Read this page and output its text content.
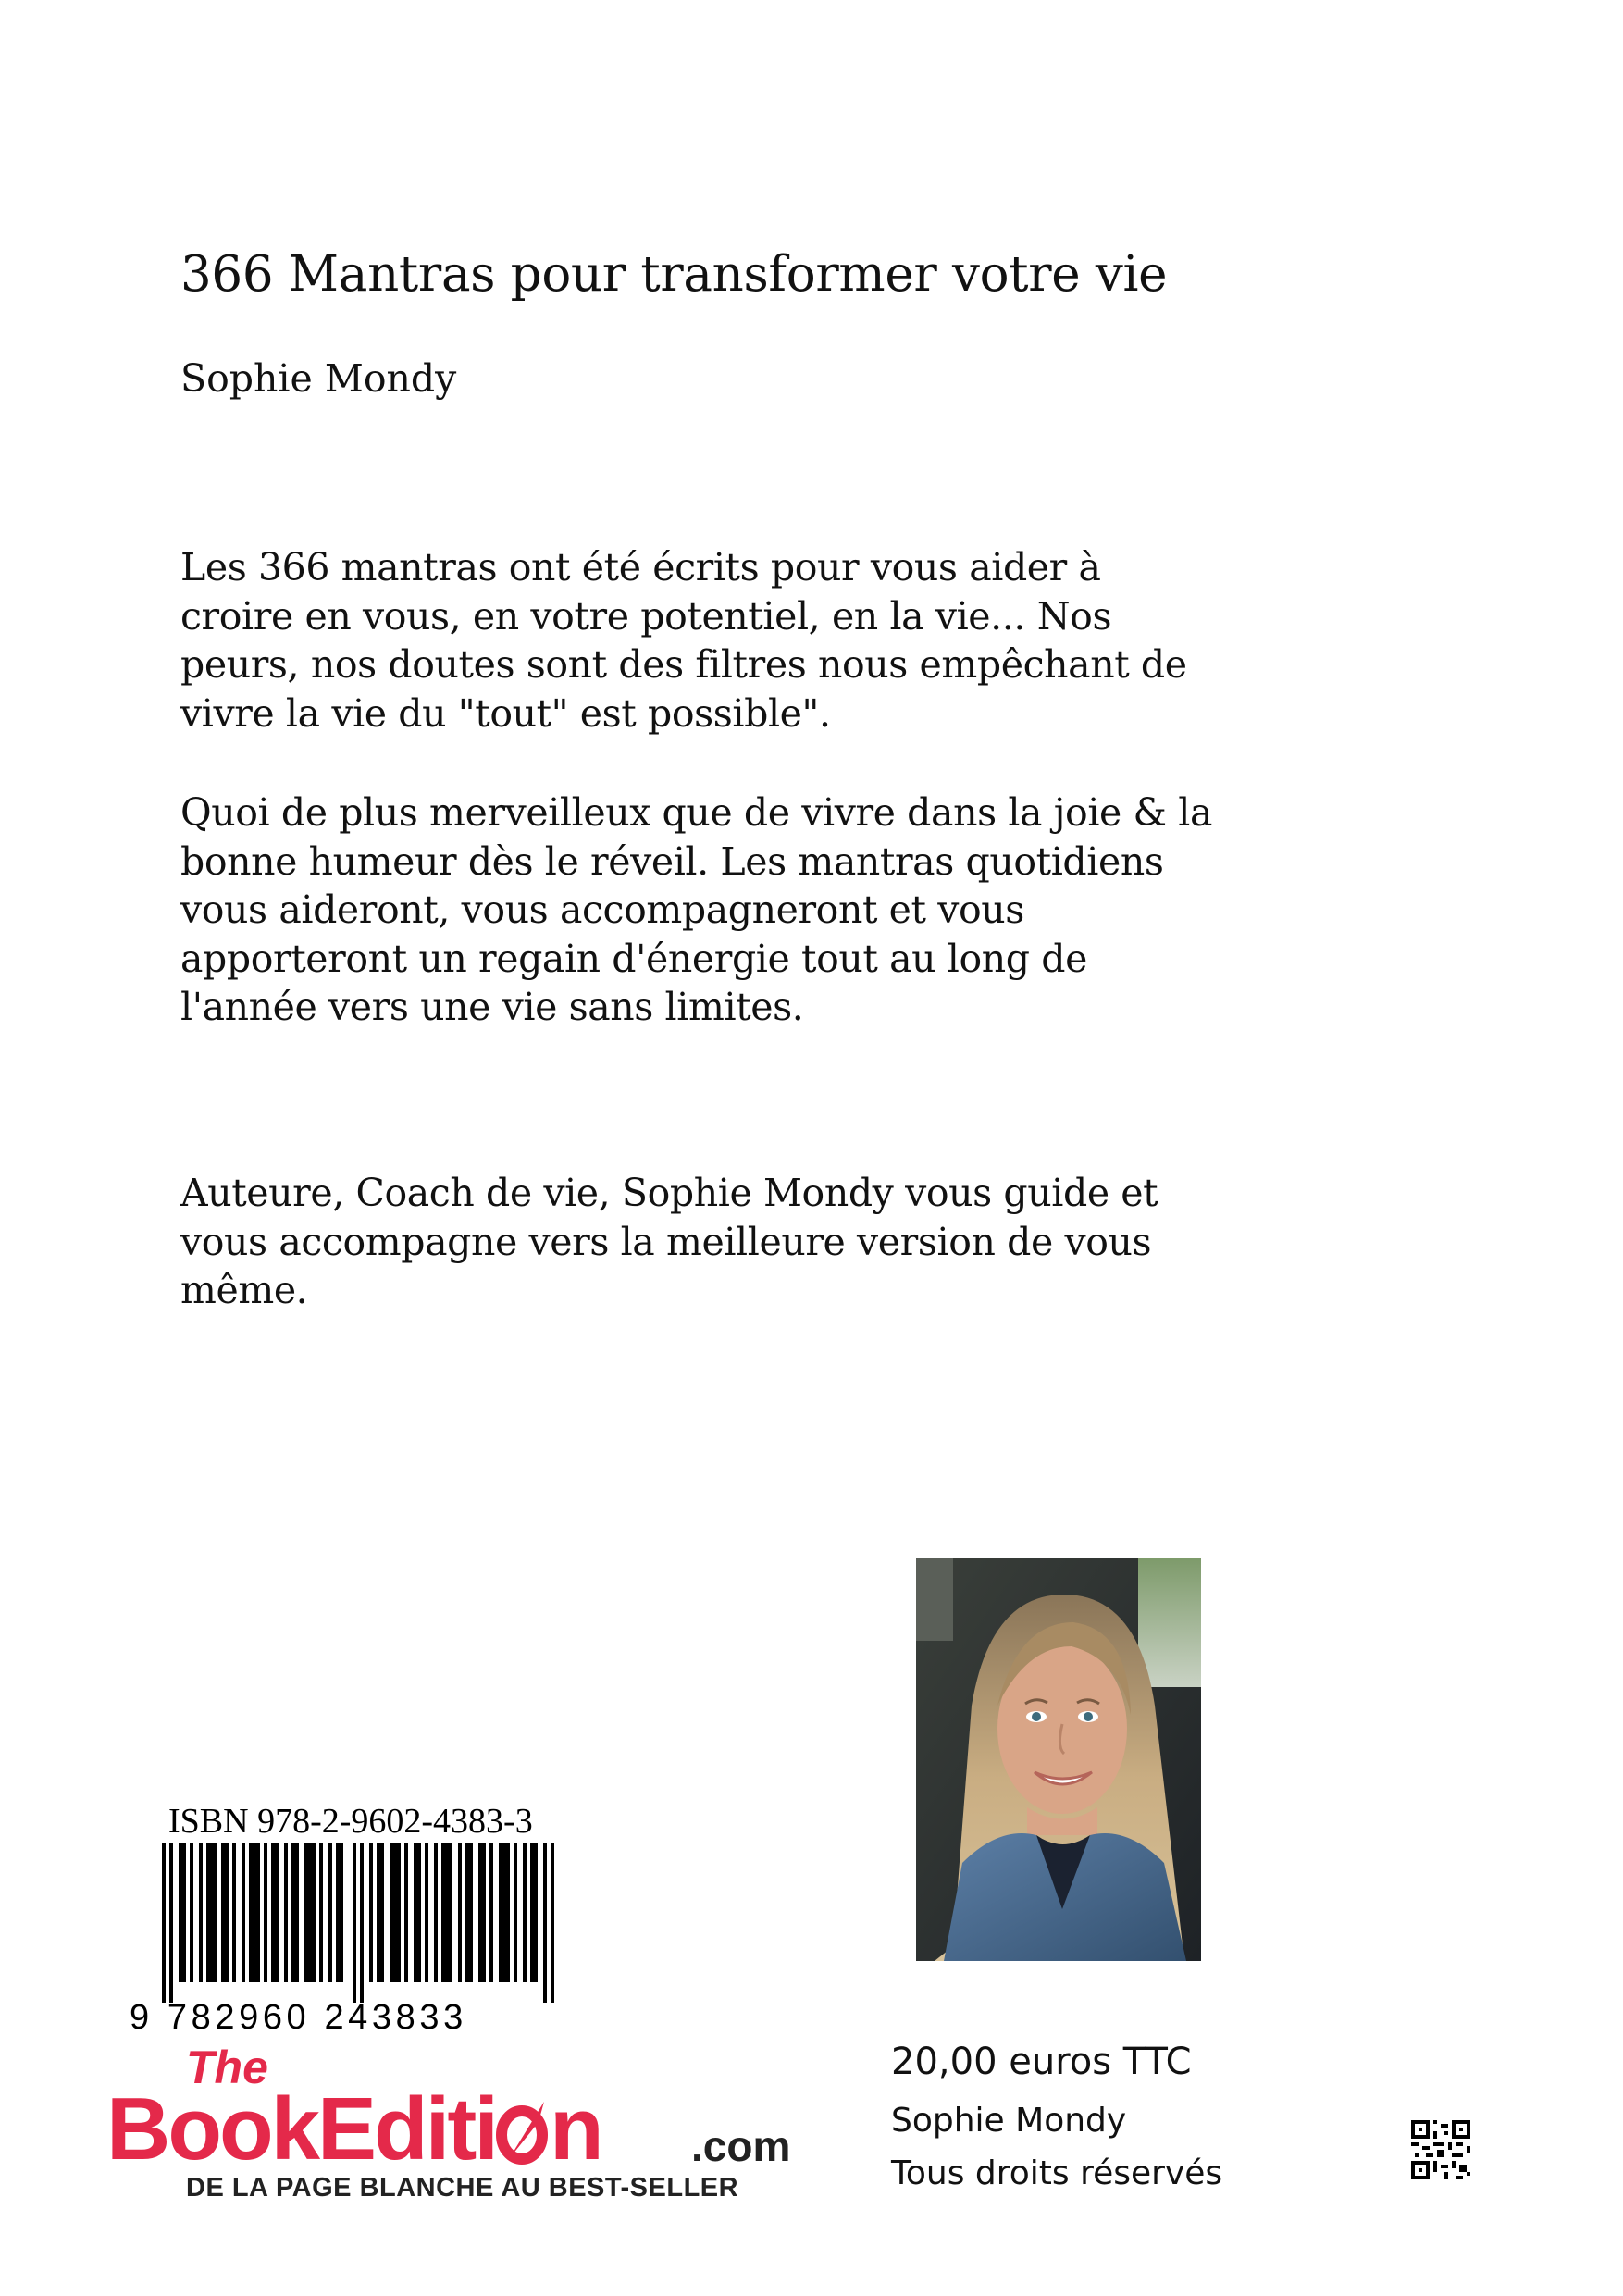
366 Mantras pour transformer votre vie
Sophie Mondy
Les 366 mantras ont été écrits pour vous aider à
croire en vous, en votre potentiel, en la vie... Nos
peurs, nos doutes sont des filtres nous empêchant de
vivre la vie du "tout" est possible".
Quoi de plus merveilleux que de vivre dans la joie & la
bonne humeur dès le réveil. Les mantras quotidiens
vous aideront, vous accompagneront et vous
apporteront un regain d'énergie tout au long de
l'année vers une vie sans limites.
Auteure, Coach de vie, Sophie Mondy vous guide et
vous accompagne vers la meilleure version de vous
même.
ISBN 978-2-9602-4383-3
9 782960 243833
The
BookEditi n .com
DE LA PAGE BLANCHE AU BEST-SELLER
20,00 euros TTC
Sophie Mondy
Tous droits réservés
